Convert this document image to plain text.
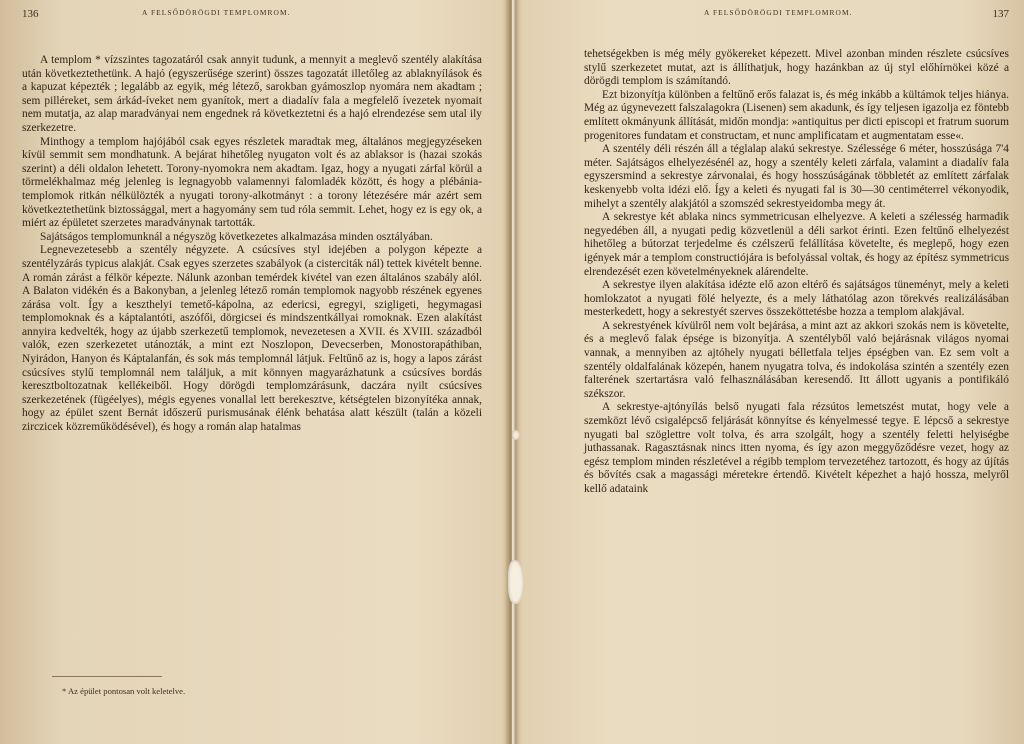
136	A FELSŐDÖRÖGDI TEMPLOMROM.

A templom * vízszintes tagozatáról csak annyit tudunk, a mennyit a meglevő szentély alakítása után következtethetünk. A hajó (egyszerűsége szerint) összes tagozatát illetőleg az ablaknyílások és a kapuzat képezték ; legalább az egyik, még létező, sarokban gyámoszlop nyomára nem akadtam ; sem pilléreket, sem árkád-íveket nem gyanítok, mert a diadalív fala a megfelelő ívezetek nyomait nem mutatja, az alap maradványai nem engednek rá következtetni és a hajó elrendezése sem utal ily szerkezetre.

Minthogy a templom hajójából csak egyes részletek maradtak meg, általános megjegyzéseken kívül semmit sem mondhatunk. A bejárat hihetőleg nyugaton volt és az ablaksor is (hazai szokás szerint) a déli oldalon lehetett. Torony-nyomokra nem akadtam. Igaz, hogy a nyugati zárfal körül a törmelékhalmaz még jelenleg is legnagyobb valamennyi falomladék között, és hogy a plébánia-templomok ritkán nélkülözték a nyugati torony-alkotmányt : a torony létezésére már azért sem következtethetünk biztossággal, mert a hagyomány sem tud róla semmit. Lehet, hogy ez is egy ok, a miért az épületet szerzetes maradványnak tartották.

Sajátságos templomunknál a négyszög következetes alkalmazása minden osztályában.

Legnevezetesebb a szentély négyzete. A csúcsíves styl idejében a polygon képezte a szentélyzárás typicus alakját. Csak egyes szerzetes szabályok (a cisterciták nál) tettek kivételt benne. A román zárást a félkör képezte. Nálunk azonban temérdek kivétel van ezen általános szabály alól. A Balaton vidékén és a Bakonyban, a jelenleg létező román templomok nagyobb részének egyenes zárása volt. Így a keszthelyi temető-kápolna, az edericsi, egregyi, szigligeti, hegymagasi templomoknak és a káptalantóti, aszófői, dörgicsei és mindszentkállyai romoknak. Ezen alakítást annyira kedvelték, hogy az újabb szerkezetű templomok, nevezetesen a XVII. és XVIII. századból valók, ezen szerkezetet utánozták, a mint ezt Noszlopon, Devecserben, Monostorapáthiban, Nyirádon, Hanyon és Káptalanfán, és sok más templomnál látjuk. Feltűnő az is, hogy a lapos zárást csúcsíves stylű templomnál nem találjuk, a mit könnyen magyarázhatunk a csúcsíves bordás keresztboltozatnak kellékeiből. Hogy dörögdi templomzárásunk, daczára nyilt csúcsíves szerkezetének (fügéelyes), mégis egyenes vonallal lett berekesztve, kétségtelen bizonyítéka annak, hogy az épület szent Bernát időszerű purismusának élénk behatása alatt készült (talán a közeli zirczicek közreműködésével), és hogy a román alap hatalmas

* Az épület pontosan volt keletelve.
A FELSŐDÖRÖGDI TEMPLOMROM.	137

tehetségekben is még mély gyökereket képezett. Mivel azonban minden részlete csúcsíves stylű szerkezetet mutat, azt is állíthatjuk, hogy hazánkban az új styl előhírnökei közé a dörögdi templom is számítandó.

Ezt bizonyítja különben a feltűnő erős falazat is, és még inkább a kültámok teljes hiánya. Még az úgynevezett falszalagokra (Lisenen) sem akadunk, és így teljesen igazolja ez föntebb említett okmányunk állítását, midőn mondja: »antiquitus per dicti episcopi et fratrum suorum progenitores fundatam et constructam, et nunc amplificatam et augmentatam esse«.

A szentély déli részén áll a téglalap alakú sekrestye. Szélessége 6 méter, hosszúsága 7'4 méter. Sajátságos elhelyezésénél az, hogy a szentély keleti zárfala, valamint a diadalív fala egyszersmind a sekrestye zárvonalai, és hogy hosszúságának többletét az említett zárfalak keskenyebb volta idézi elő. Így a keleti és nyugati fal is 30—30 centiméterrel vékonyodik, mihelyt a szentély alakjától a szomszéd sekrestyeidomba megy át.

A sekrestye két ablaka nincs symmetricusan elhelyezve. A keleti a szélesség harmadik negyedében áll, a nyugati pedig közvetlenül a déli sarkot érinti. Ezen feltűnő elhelyezést hihetőleg a bútorzat terjedelme és czélszerű felállítása követelte, és meglepő, hogy ezen igények már a templom constructiójára is befolyással voltak, és hogy az építész symmetricus elrendezését ezen követelményeknek alárendelte.

A sekrestye ilyen alakítása idézte elő azon eltérő és sajátságos tüneményt, mely a keleti homlokzatot a nyugati fölé helyezte, és a mely láthatólag azon törekvés realizálásában mesterkedett, hogy a sekrestyét szerves összeköttetésbe hozza a templom alakjával.

A sekrestyének kívülről nem volt bejárása, a mint azt az akkori szokás nem is követelte, és a meglevő falak épsége is bizonyítja. A szentélyből való bejárásnak világos nyomai vannak, a mennyiben az ajtóhely nyugati bélletfala teljes épségben van. Ez sem volt a szentély oldalfalának közepén, hanem nyugatra tolva, és indokolása szintén a szentély ezen falterének szertartásra való felhasználásában keresendő. Itt állott ugyanis a pontifikáló székszor.

A sekrestye-ajtónyílás belső nyugati fala rézsútos lemetszést mutat, hogy vele a szemközt lévő csigalépcső feljárását könnyítse és kényelmessé tegye. E lépcső a sekrestye nyugati bal szöglettre volt tolva, és arra szolgált, hogy a szentély feletti helyiségbe juthassanak. Ragasztásnak nincs itten nyoma, és így azon meggyőződésre vezet, hogy az egész templom minden részletével a régibb templom tervezetéhez tartozott, és hogy az újítás és bővítés csak a magassági méretekre értendő. Kivételt képezhet a hajó hossza, melyről kellő adataink
